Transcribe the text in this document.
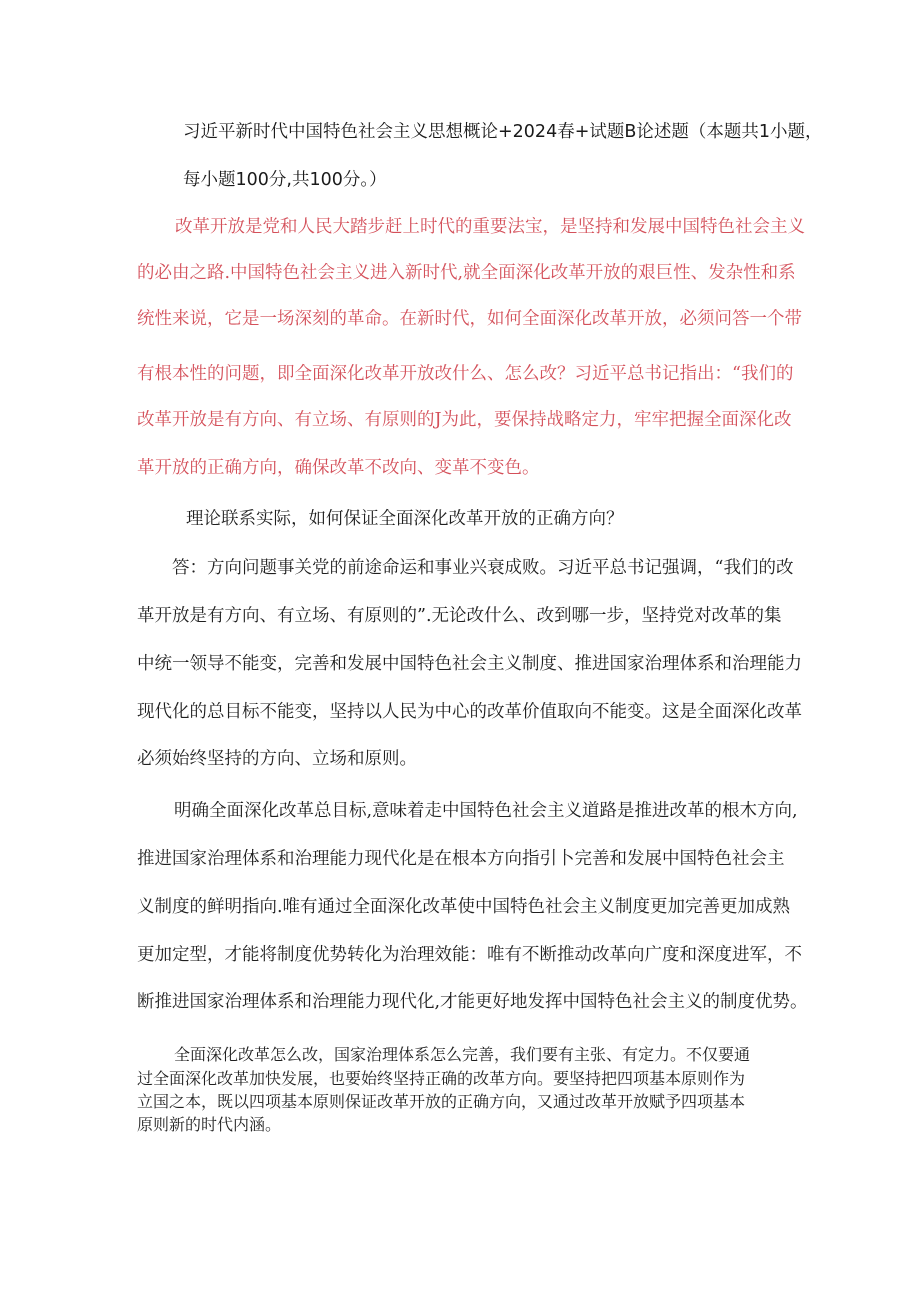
习近平新时代中国特色社会主义思想概论+2024春+试题B论述题（本题共1小题，
每小题100分,共100分。）
改革开放是党和人民大踏步赶上时代的重要法宝，是坚持和发展中国特色社会主义
的必由之路.中国特色社会主义进入新时代,就全面深化改革开放的艰巨性、发杂性和系
统性来说，它是一场深刻的革命。在新时代，如何全面深化改革开放，必须问答一个带
有根本性的问题，即全面深化改革开放改什么、怎么改？习近平总书记指出：“我们的
改革开放是有方向、有立场、有原则的J为此，要保持战略定力，牢牢把握全面深化改
革开放的正确方向，确保改革不改向、变革不变色。
理论联系实际，如何保证全面深化改革开放的正确方向？
答：方向问题事关党的前途命运和事业兴衰成败。习近平总书记强调，“我们的改
革开放是有方向、有立场、有原则的”.无论改什么、改到哪一步，坚持党对改革的集
中统一领导不能变，完善和发展中国特色社会主义制度、推进国家治理体系和治理能力
现代化的总目标不能变，坚持以人民为中心的改革价值取向不能变。这是全面深化改革
必须始终坚持的方向、立场和原则。
明确全面深化改革总目标,意味着走中国特色社会主义道路是推进改革的根木方向,
推进国家治理体系和治理能力现代化是在根本方向指引卜完善和发展中国特色社会主
义制度的鲜明指向.唯有通过全面深化改革使中国特色社会主义制度更加完善更加成熟
更加定型，才能将制度优势转化为治理效能：唯有不断推动改革向广度和深度进军，不
断推进国家治理体系和治理能力现代化,才能更好地发挥中国特色社会主义的制度优势。
全面深化改革怎么改，国家治理体系怎么完善，我们要有主张、有定力。不仅要通
过全面深化改革加快发展，也要始终坚持正确的改革方向。要坚持把四项基本原则作为
立国之本，既以四项基本原则保证改革开放的正确方向，又通过改革开放赋予四项基本
原则新的时代内涵。
